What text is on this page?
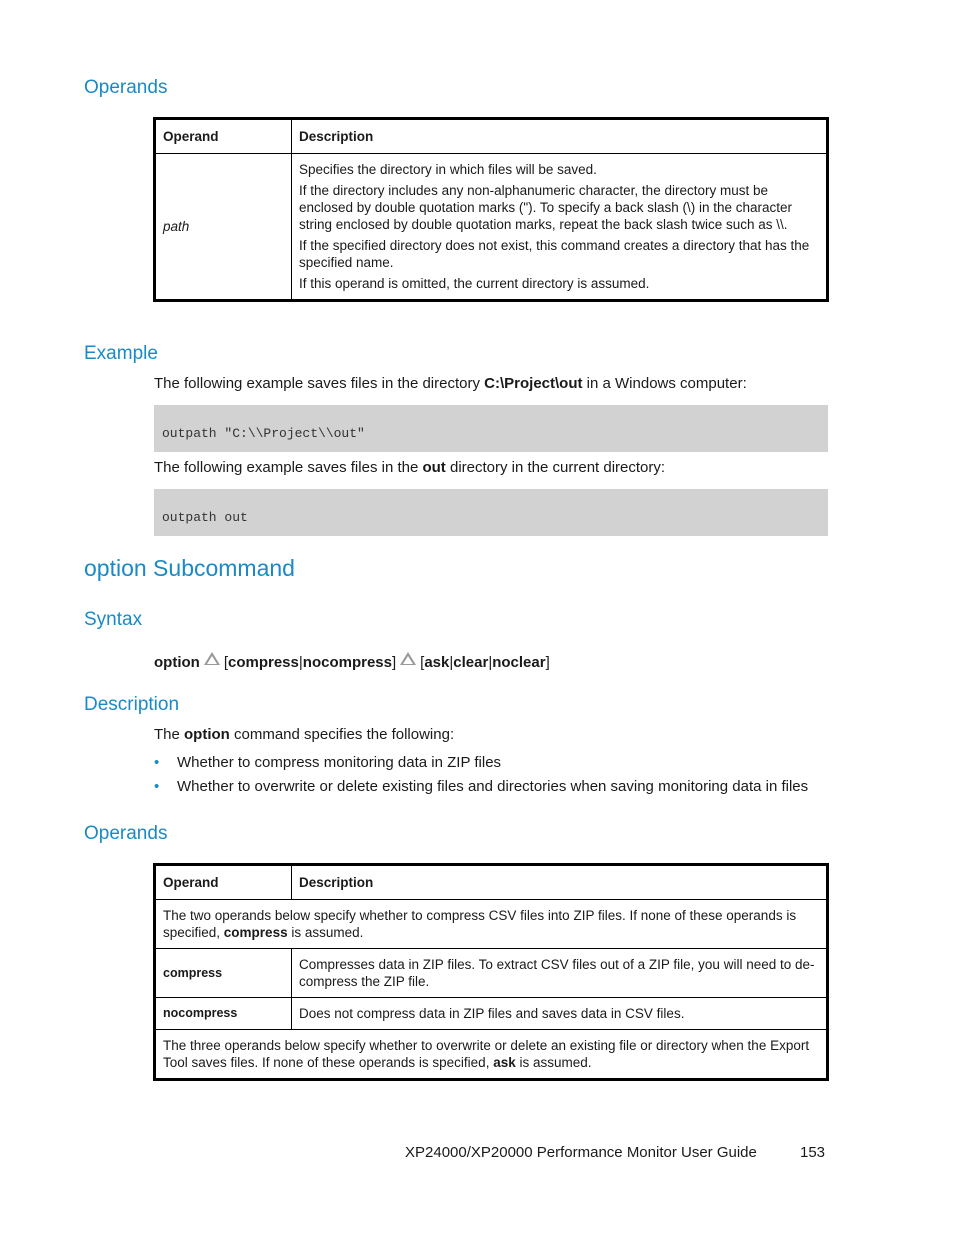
Operands
Operand	Description
path	Specifies the directory in which files will be saved.

If the directory includes any non-alphanumeric character, the directory must be enclosed by double quotation marks ("). To specify a back slash (\) in the character string enclosed by double quotation marks, repeat the back slash twice such as \\.

If the specified directory does not exist, this command creates a directory that has the specified name.

If this operand is omitted, the current directory is assumed.

Example

The following example saves files in the directory C:\Project\out in a Windows computer:

outpath "C:\\Project\\out"

The following example saves files in the out directory in the current directory:

outpath out
option Subcommand
Syntax
option [compress|nocompress] [ask|clear|noclear]
Description

The option command specifies the following:

• Whether to compress monitoring data in ZIP files
• Whether to overwrite or delete existing files and directories when saving monitoring data in files
Operands
Operand	Description
The two operands below specify whether to compress CSV files into ZIP files. If none of these operands is specified, compress is assumed.	
compress	Compresses data in ZIP files. To extract CSV files out of a ZIP file, you will need to de-compress the ZIP file.
nocompress	Does not compress data in ZIP files and saves data in CSV files.
The three operands below specify whether to overwrite or delete an existing file or directory when the Export Tool saves files. If none of these operands is specified, ask is assumed.	
XP24000/XP20000 Performance Monitor User Guide	153
